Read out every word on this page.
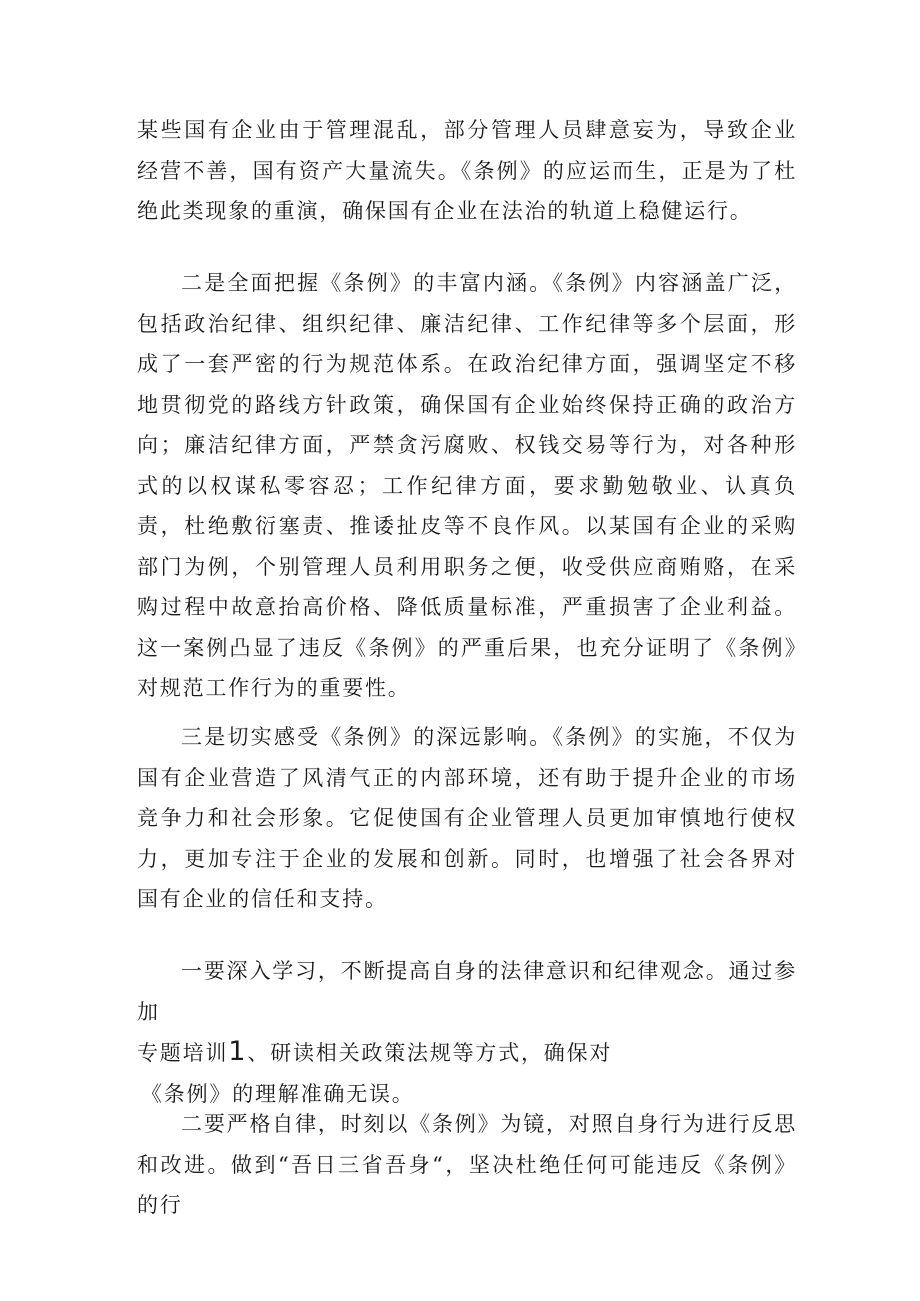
某些国有企业由于管理混乱，部分管理人员肆意妄为，导致企业经营不善，国有资产大量流失。《条例》的应运而生，正是为了杜绝此类现象的重演，确保国有企业在法治的轨道上稳健运行。

二是全面把握《条例》的丰富内涵。《条例》内容涵盖广泛，包括政治纪律、组织纪律、廉洁纪律、工作纪律等多个层面，形成了一套严密的行为规范体系。在政治纪律方面，强调坚定不移地贯彻党的路线方针政策，确保国有企业始终保持正确的政治方向；廉洁纪律方面，严禁贪污腐败、权钱交易等行为，对各种形式的以权谋私零容忍；工作纪律方面，要求勤勉敬业、认真负责，杜绝敷衍塞责、推诿扯皮等不良作风。以某国有企业的采购部门为例，个别管理人员利用职务之便，收受供应商贿赂，在采购过程中故意抬高价格、降低质量标准，严重损害了企业利益。这一案例凸显了违反《条例》的严重后果，也充分证明了《条例》对规范工作行为的重要性。

三是切实感受《条例》的深远影响。《条例》的实施，不仅为国有企业营造了风清气正的内部环境，还有助于提升企业的市场竞争力和社会形象。它促使国有企业管理人员更加审慎地行使权力，更加专注于企业的发展和创新。同时，也增强了社会各界对国有企业的信任和支持。

一要深入学习，不断提高自身的法律意识和纪律观念。通过参加
专题培训1、研读相关政策法规等方式，确保对
《条例》的理解准确无误。

二要严格自律，时刻以《条例》为镜，对照自身行为进行反思和改进。做到“吾日三省吾身“，坚决杜绝任何可能违反《条例》的行
